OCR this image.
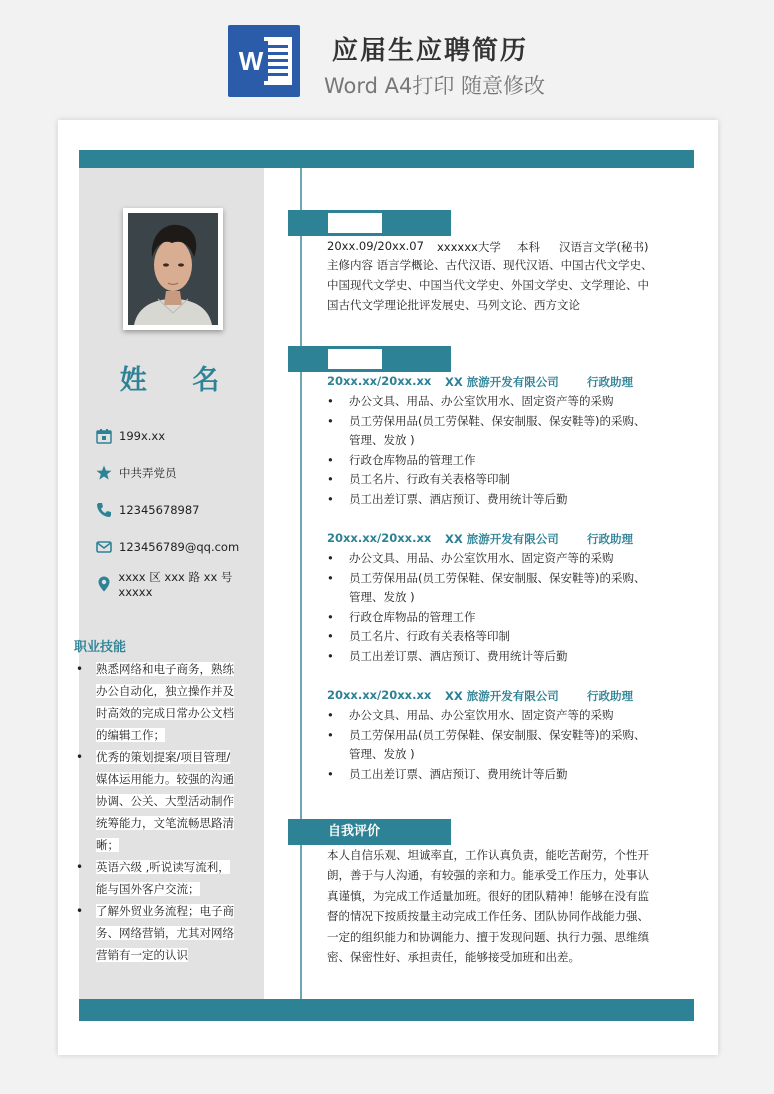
W	应届生应聘简历
Word A4打印 随意修改
姓 名
199x.xx
中共弄党员
12345678987
123456789@qq.com
xxxx 区 xxx 路 xx 号 xxxxx
职业技能
• 熟悉网络和电子商务，熟练办公自动化，独立操作并及时高效的完成日常办公文档的编辑工作；
• 优秀的策划提案/项目管理/媒体运用能力。较强的沟通协调、公关、大型活动制作统筹能力，文笔流畅思路清晰；
• 英语六级 ,听说读写流利，能与国外客户交流；
• 了解外贸业务流程；电子商务、网络营销，尤其对网络营销有一定的认识
20xx.09/20xx.07 xxxxxx大学 本科 汉语言文学(秘书)
主修内容 语言学概论、古代汉语、现代汉语、中国古代文学史、中国现代文学史、中国当代文学史、外国文学史、文学理论、中国古代文学理论批评发展史、马列文论、西方文论
20xx.xx/20xx.xx XX 旅游开发有限公司 行政助理
• 办公文具、用品、办公室饮用水、固定资产等的采购
• 员工劳保用品(员工劳保鞋、保安制服、保安鞋等)的采购、管理、发放 )
• 行政仓库物品的管理工作
• 员工名片、行政有关表格等印制
• 员工出差订票、酒店预订、费用统计等后勤
20xx.xx/20xx.xx XX 旅游开发有限公司 行政助理
• 办公文具、用品、办公室饮用水、固定资产等的采购
• 员工劳保用品(员工劳保鞋、保安制服、保安鞋等)的采购、管理、发放 )
• 行政仓库物品的管理工作
• 员工名片、行政有关表格等印制
• 员工出差订票、酒店预订、费用统计等后勤
20xx.xx/20xx.xx XX 旅游开发有限公司 行政助理
• 办公文具、用品、办公室饮用水、固定资产等的采购
• 员工劳保用品(员工劳保鞋、保安制服、保安鞋等)的采购、管理、发放 )
• 员工出差订票、酒店预订、费用统计等后勤
自我评价
本人自信乐观、坦诚率直，工作认真负责，能吃苦耐劳，个性开朗，善于与人沟通，有较强的亲和力。能承受工作压力，处事认真谨慎，为完成工作适量加班。很好的团队精神！能够在没有监督的情况下按质按量主动完成工作任务、团队协同作战能力强、一定的组织能力和协调能力、擅于发现问题、执行力强、思维缜密、保密性好、承担责任，能够接受加班和出差。
